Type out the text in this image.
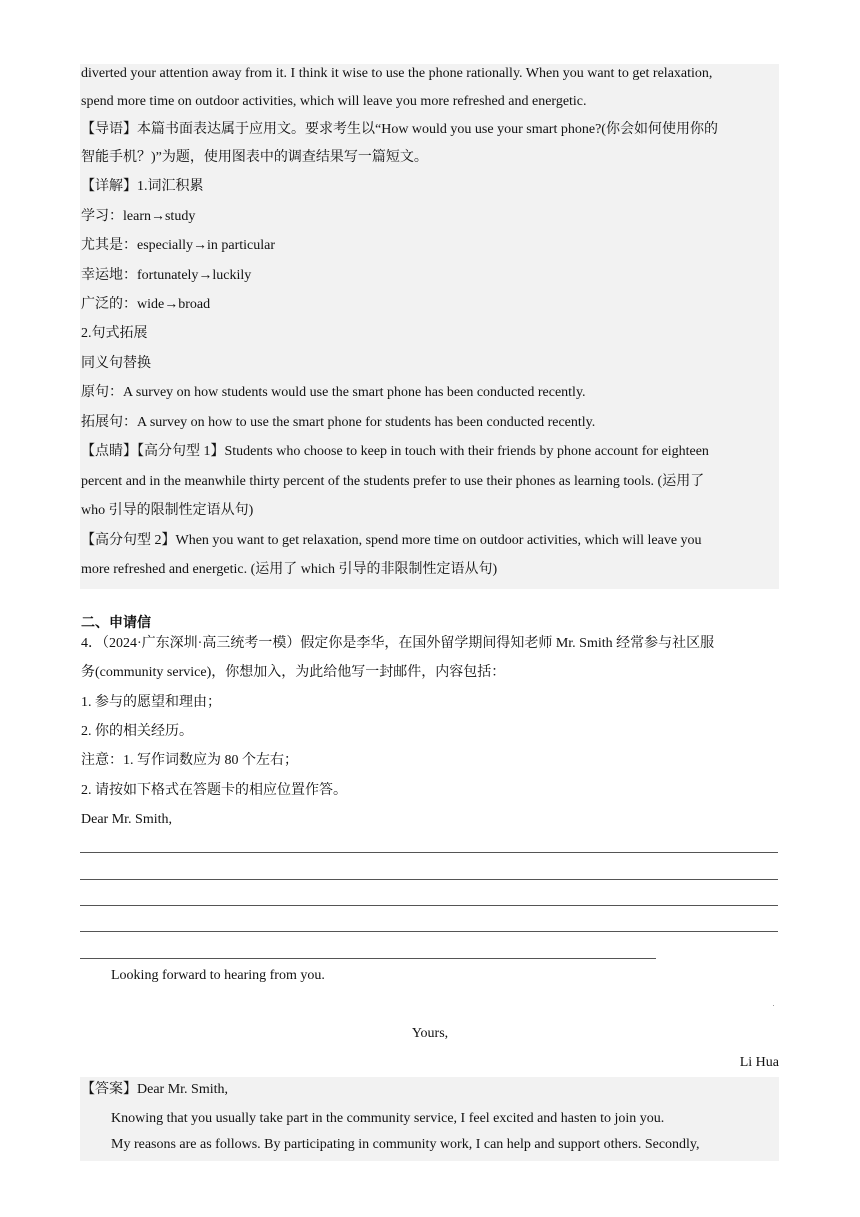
diverted your attention away from it. I think it wise to use the phone rationally. When you want to get relaxation,
spend more time on outdoor activities, which will leave you more refreshed and energetic.
【导语】本篇书面表达属于应用文。要求考生以“How would you use your smart phone?(你会如何使用你的
智能手机？)”为题，使用图表中的调查结果写一篇短文。
【详解】1.词汇积累
学习：learn→study
尤其是：especially→in particular
幸运地：fortunately→luckily
广泛的：wide→broad
2.句式拓展
同义句替换
原句：A survey on how students would use the smart phone has been conducted recently.
拓展句：A survey on how to use the smart phone for students has been conducted recently.
【点睛】【高分句型 1】Students who choose to keep in touch with their friends by phone account for eighteen
percent and in the meanwhile thirty percent of the students prefer to use their phones as learning tools. (运用了
who 引导的限制性定语从句)
【高分句型 2】When you want to get relaxation, spend more time on outdoor activities, which will leave you
more refreshed and energetic. (运用了 which 引导的非限制性定语从句)
二、申请信
4．（2024·广东深圳·高三统考一模）假定你是李华，在国外留学期间得知老师 Mr. Smith 经常参与社区服
务(community service)，你想加入，为此给他写一封邮件，内容包括：
1. 参与的愿望和理由；
2. 你的相关经历。
注意：1. 写作词数应为 80 个左右；
2. 请按如下格式在答题卡的相应位置作答。
Dear Mr. Smith,
Looking forward to hearing from you.
Yours,
Li Hua
【答案】Dear Mr. Smith,
Knowing that you usually take part in the community service, I feel excited and hasten to join you.
My reasons are as follows. By participating in community work, I can help and support others. Secondly,
